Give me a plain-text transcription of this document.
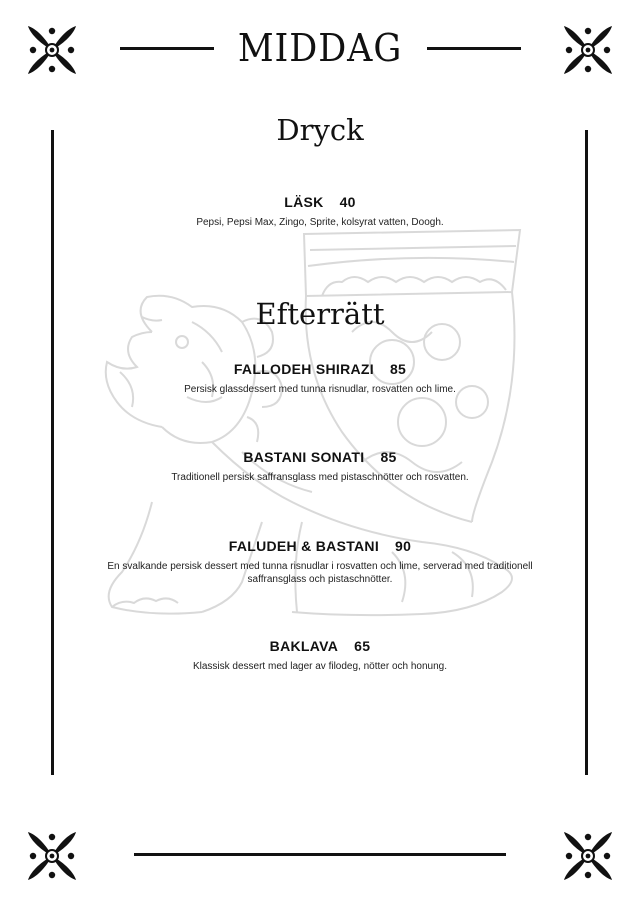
MIDDAG
Dryck
LÄSK 40
Pepsi, Pepsi Max, Zingo, Sprite, kolsyrat vatten, Doogh.
Efterrätt
FALLODEH SHIRAZI 85
Persisk glassdessert med tunna risnudlar, rosvatten och lime.
BASTANI SONATI 85
Traditionell persisk saffransglass med pistaschnötter och rosvatten.
FALUDEH & BASTANI 90
En svalkande persisk dessert med tunna risnudlar i rosvatten och lime, serverad med traditionell saffransglass och pistaschnötter.
BAKLAVA 65
Klassisk dessert med lager av filodeg, nötter och honung.
